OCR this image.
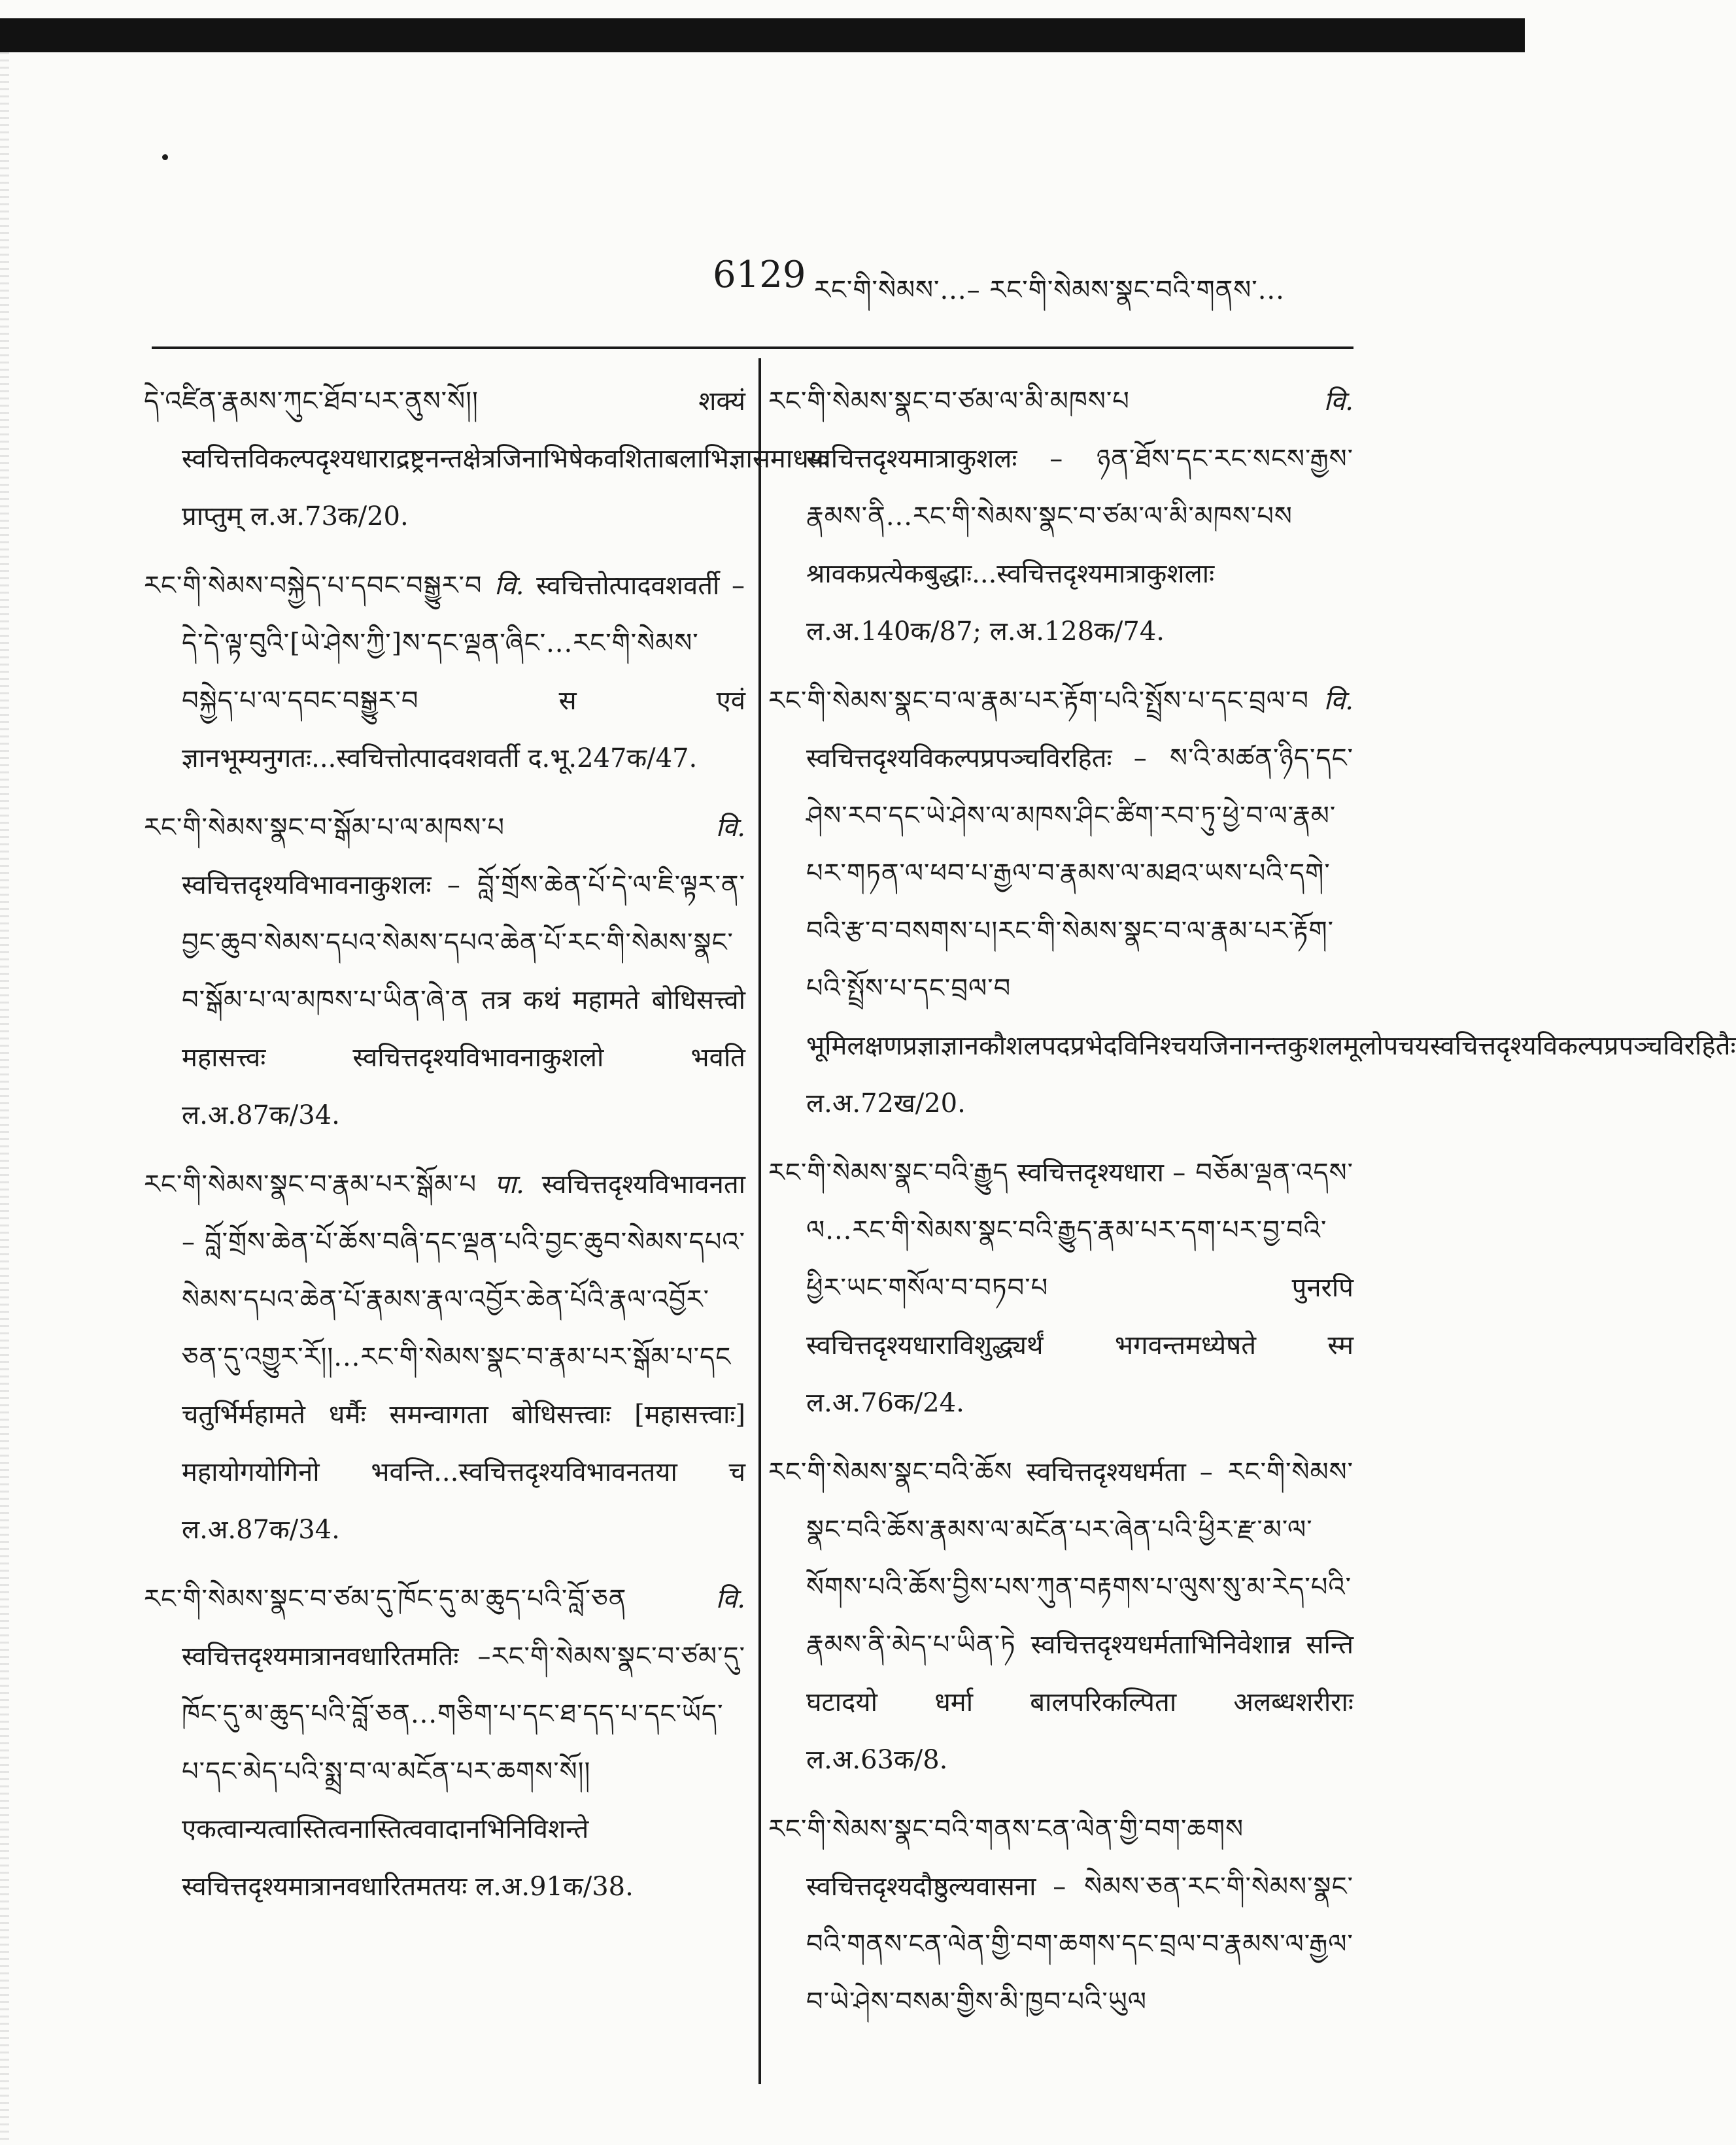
6129 རང་གི་སེམས་...– རང་གི་སེམས་སྣང་བའི་གནས་...

དེ་འཛིན་རྣམས་ཀུང་ཐོབ་པར་ནུས་སོ།།	शक्यं स्वचित्तविकल्पदृश्यधाराद्रष्ट्रनन्तक्षेत्रजिनाभिषेकवशिताबलाभिज्ञासमाधयः प्राप्तुम् ल.अ.73क/20.

རང་གི་སེམས་བསྐྱེད་པ་དབང་བསྒྱུར་བ वि. स्वचित्तोत्पादवशवर्ती – དེ་དེ་ལྟ་བུའི་[ཡེ་ཤེས་ཀྱི་]ས་དང་ལྡན་ཞིང་...རང་གི་སེམས་བསྐྱེད་པ་ལ་དབང་བསྒྱུར་བ	स एवं ज्ञानभूम्यनुगतः...स्वचित्तोत्पादवशवर्ती द.भू.247क/47.

རང་གི་སེམས་སྣང་བ་སྒོམ་པ་ལ་མཁས་པ	वि. स्वचित्तदृश्यविभावनाकुशलः – བློ་གྲོས་ཆེན་པོ་དེ་ལ་ཇི་ལྟར་ན་བྱང་ཆུབ་སེམས་དཔའ་སེམས་དཔའ་ཆེན་པོ་རང་གི་སེམས་སྣང་བ་སྒོམ་པ་ལ་མཁས་པ་ཡིན་ཞེ་ན तत्र कथं महामते बोधिसत्त्वो महासत्त्वः स्वचित्तदृश्यविभावनाकुशलो भवति ल.अ.87क/34.

རང་གི་སེམས་སྣང་བ་རྣམ་པར་སྒོམ་པ पा. स्वचित्तदृश्यविभावनता – བློ་གྲོས་ཆེན་པོ་ཆོས་བཞི་དང་ལྡན་པའི་བྱང་ཆུབ་སེམས་དཔའ་སེམས་དཔའ་ཆེན་པོ་རྣམས་རྣལ་འབྱོར་ཆེན་པོའི་རྣལ་འབྱོར་ཅན་དུ་འགྱུར་རོ།།...རང་གི་སེམས་སྣང་བ་རྣམ་པར་སྒོམ་པ་དང चतुर्भिर्महामते धर्मैः समन्वागता बोधिसत्त्वाः [महासत्त्वाः] महायोगयोगिनो भवन्ति...स्वचित्तदृश्यविभावनतया च ल.अ.87क/34.

རང་གི་སེམས་སྣང་བ་ཙམ་དུ་ཁོང་དུ་མ་ཆུད་པའི་བློ་ཅན	वि. स्वचित्तदृश्यमात्रानवधारितमतिः –རང་གི་སེམས་སྣང་བ་ཙམ་དུ་ཁོང་དུ་མ་ཆུད་པའི་བློ་ཅན...གཅིག་པ་དང་ཐ་དད་པ་དང་ཡོད་པ་དང་མེད་པའི་སྨྲ་བ་ལ་མངོན་པར་ཆགས་སོ།། एकत्वान्यत्वास्तित्वनास्तित्ववादानभिनिविशन्ते स्वचित्तदृश्यमात्रानवधारितमतयः ल.अ.91क/38.

རང་གི་སེམས་སྣང་བ་ཙམ་ལ་མི་མཁས་པ	वि. स्वचित्तदृश्यमात्राकुशलः – ཉན་ཐོས་དང་རང་སངས་རྒྱས་རྣམས་ནི...རང་གི་སེམས་སྣང་བ་ཙམ་ལ་མི་མཁས་པས श्रावकप्रत्येकबुद्धाः...स्वचित्तदृश्यमात्राकुशलाः ल.अ.140क/87; ल.अ.128क/74.

རང་གི་སེམས་སྣང་བ་ལ་རྣམ་པར་རྟོག་པའི་སྤྲོས་པ་དང་བྲལ་བ वि. स्वचित्तदृश्यविकल्पप्रपञ्चविरहितः – ས་འི་མཚན་ཉིད་དང་ཤེས་རབ་དང་ཡེ་ཤེས་ལ་མཁས་ཤིང་ཚིག་རབ་ཏུ་ཕྱེ་བ་ལ་རྣམ་པར་གཏན་ལ་ཕབ་པ་རྒྱལ་བ་རྣམས་ལ་མཐའ་ཡས་པའི་དགེ་བའི་རྩ་བ་བསགས་པ།རང་གི་སེམས་སྣང་བ་ལ་རྣམ་པར་རྟོག་པའི་སྤྲོས་པ་དང་བྲལ་བ भूमिलक्षणप्रज्ञाज्ञानकौशलपदप्रभेदविनिश्चयजिनानन्तकुशलमूलोपचयस्वचित्तदृश्यविकल्पप्रपञ्चविरहितैः ल.अ.72ख/20.

རང་གི་སེམས་སྣང་བའི་རྒྱུད स्वचित्तदृश्यधारा – བཅོམ་ལྡན་འདས་ལ...རང་གི་སེམས་སྣང་བའི་རྒྱུད་རྣམ་པར་དག་པར་བྱ་བའི་ཕྱིར་ཡང་གསོལ་བ་བཏབ་པ	पुनरपि स्वचित्तदृश्यधाराविशुद्ध्यर्थं भगवन्तमध्येषते स्म ल.अ.76क/24.

རང་གི་སེམས་སྣང་བའི་ཆོས स्वचित्तदृश्यधर्मता – རང་གི་སེམས་སྣང་བའི་ཆོས་རྣམས་ལ་མངོན་པར་ཞེན་པའི་ཕྱིར་རྫ་མ་ལ་སོགས་པའི་ཆོས་བྱིས་པས་ཀུན་བརྟགས་པ་ལུས་སུ་མ་རེད་པའི་རྣམས་ནི་མེད་པ་ཡིན་ཏེ स्वचित्तदृश्यधर्मताभिनिवेशान्न सन्ति घटादयो धर्मा बालपरिकल्पिता अलब्धशरीराः ल.अ.63क/8.

རང་གི་སེམས་སྣང་བའི་གནས་ངན་ལེན་གྱི་བག་ཆགས स्वचित्तदृश्यदौष्ठुल्यवासना – སེམས་ཅན་རང་གི་སེམས་སྣང་བའི་གནས་ངན་ལེན་གྱི་བག་ཆགས་དང་བྲལ་བ་རྣམས་ལ་རྒྱལ་བ་ཡེ་ཤེས་བསམ་གྱིས་མི་ཁྱབ་པའི་ཡུལ
